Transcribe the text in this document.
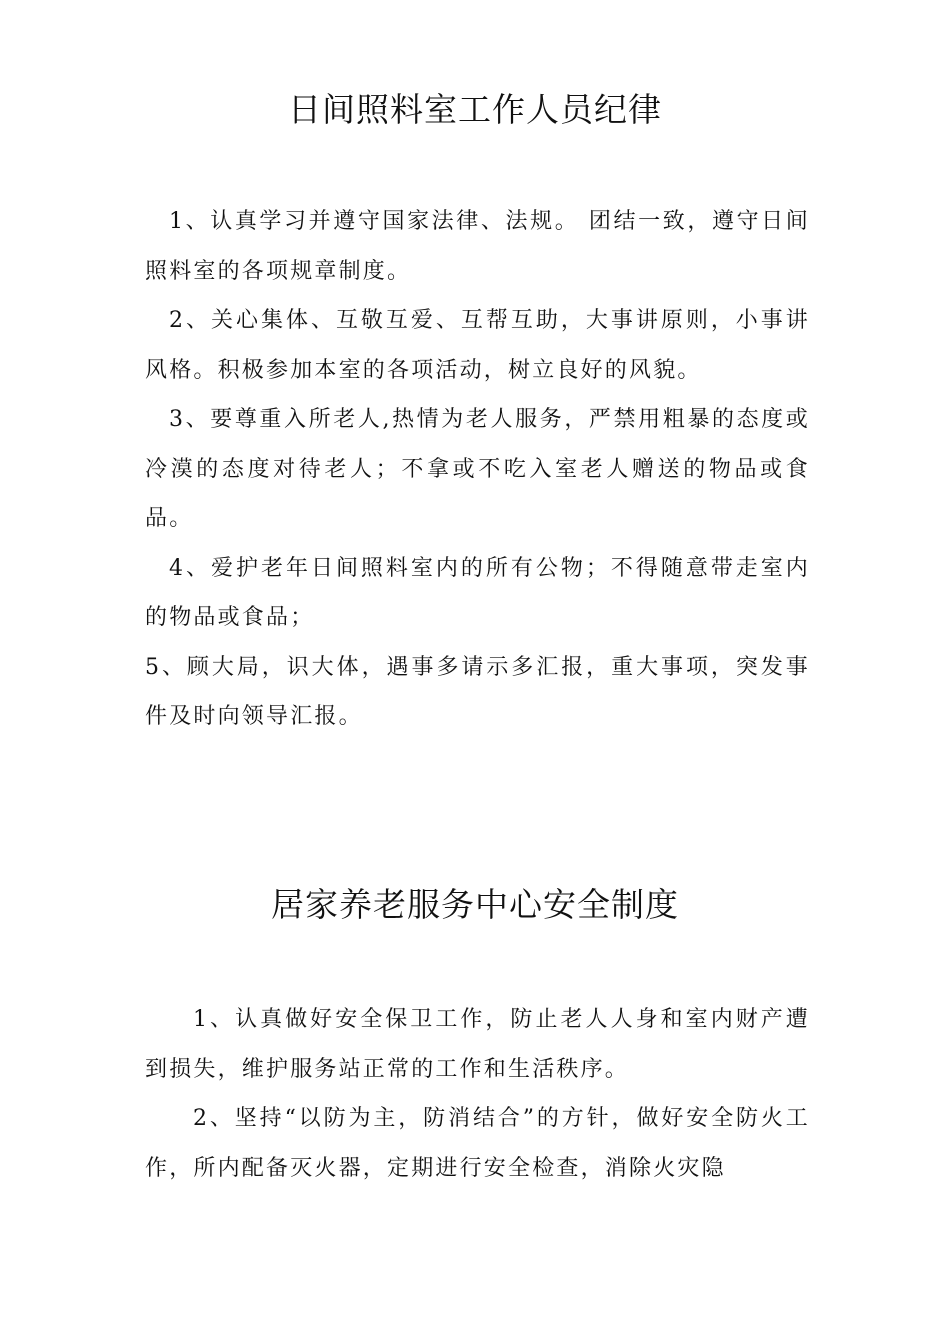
日间照料室工作人员纪律

1、认真学习并遵守国家法律、法规。 团结一致，遵守日间照料室的各项规章制度。

2、关心集体、互敬互爱、互帮互助，大事讲原则，小事讲风格。积极参加本室的各项活动，树立良好的风貌。

3、要尊重入所老人,热情为老人服务，严禁用粗暴的态度或冷漠的态度对待老人；不拿或不吃入室老人赠送的物品或食品。

4、爱护老年日间照料室内的所有公物；不得随意带走室内的物品或食品；

5、顾大局，识大体，遇事多请示多汇报，重大事项，突发事件及时向领导汇报。

居家养老服务中心安全制度

1、认真做好安全保卫工作，防止老人人身和室内财产遭到损失，维护服务站正常的工作和生活秩序。

2、坚持“以防为主，防消结合”的方针，做好安全防火工作，所内配备灭火器，定期进行安全检查，消除火灾隐
